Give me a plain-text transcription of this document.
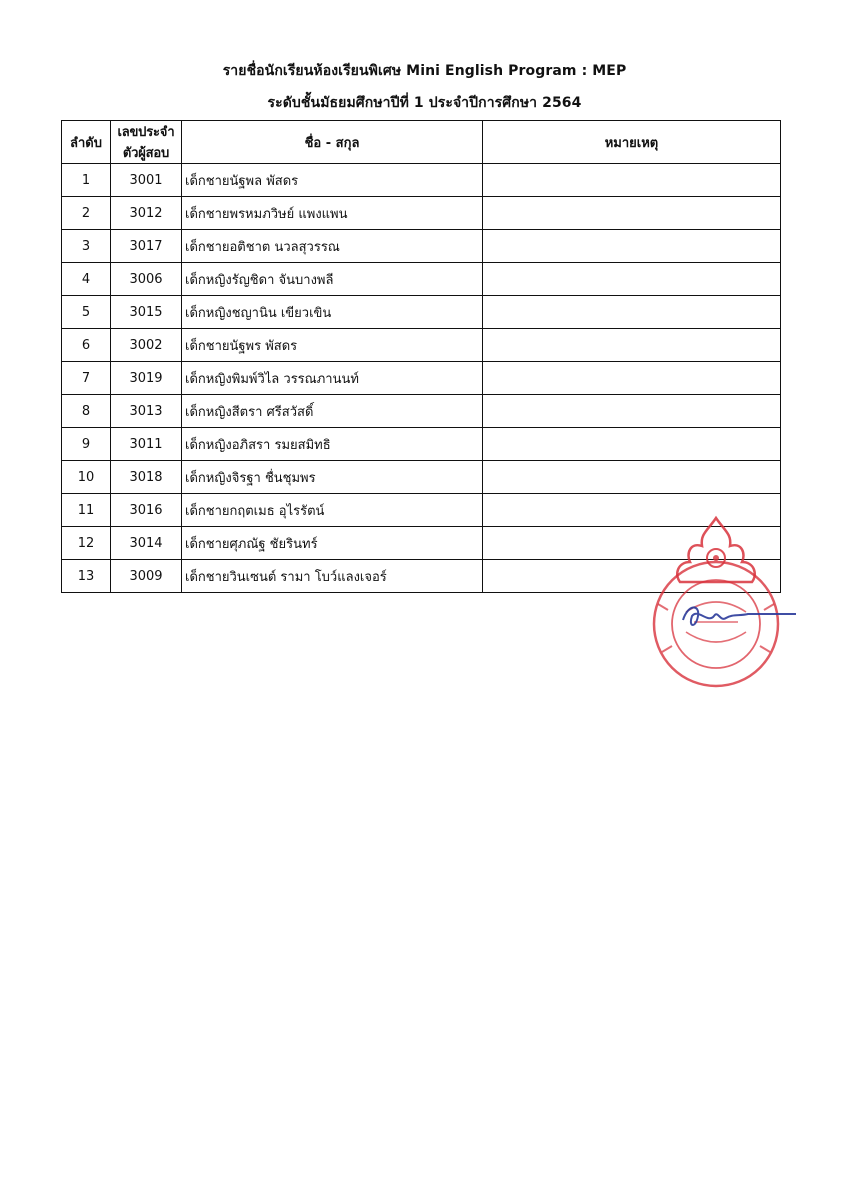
รายชื่อนักเรียนห้องเรียนพิเศษ Mini English Program : MEP
ระดับชั้นมัธยมศึกษาปีที่ 1 ประจำปีการศึกษา 2564
ลำดับ	เลขประจำตัวผู้สอบ	ชื่อ - สกุล	หมายเหตุ
1	3001	เด็กชายนัฐพล พัสดร	
2	3012	เด็กชายพรหมภวิษย์ แพงแพน	
3	3017	เด็กชายอติชาต นวลสุวรรณ	
4	3006	เด็กหญิงรัญชิดา จันบางพลี	
5	3015	เด็กหญิงชญานิน เขียวเขิน	
6	3002	เด็กชายนัฐพร พัสดร	
7	3019	เด็กหญิงพิมพ์วิไล วรรณภานนท์	
8	3013	เด็กหญิงสีตรา ศรีสวัสดิ์	
9	3011	เด็กหญิงอภิสรา รมยสมิทธิ	
10	3018	เด็กหญิงจิรฐา ชื่นชุมพร	
11	3016	เด็กชายกฤตเมธ อุไรรัตน์	
12	3014	เด็กชายศุภณัฐ ชัยรินทร์	
13	3009	เด็กชายวินเซนต์ รามา โบว์แลงเจอร์	
